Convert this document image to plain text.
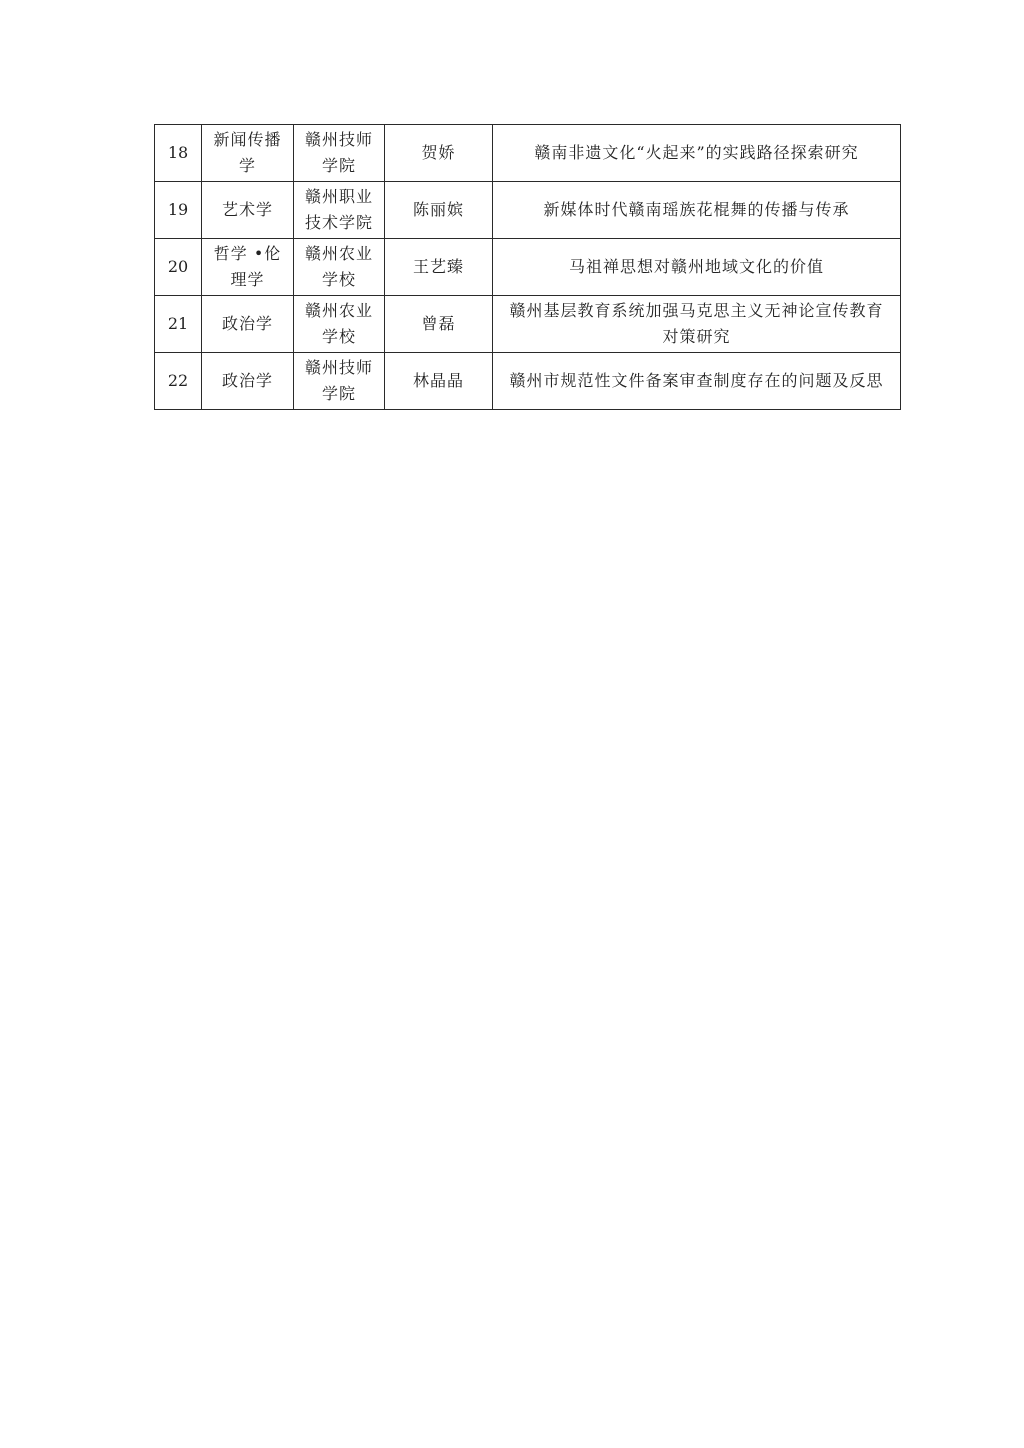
18	新闻传播学	赣州技师学院	贺娇	赣南非遗文化“火起来”的实践路径探索研究
19	艺术学	赣州职业技术学院	陈丽嫔	新媒体时代赣南瑶族花棍舞的传播与传承
20	哲学 •伦理学	赣州农业学校	王艺臻	马祖禅思想对赣州地域文化的价值
21	政治学	赣州农业学校	曾磊	赣州基层教育系统加强马克思主义无神论宣传教育对策研究
22	政治学	赣州技师学院	林晶晶	赣州市规范性文件备案审查制度存在的问题及反思
